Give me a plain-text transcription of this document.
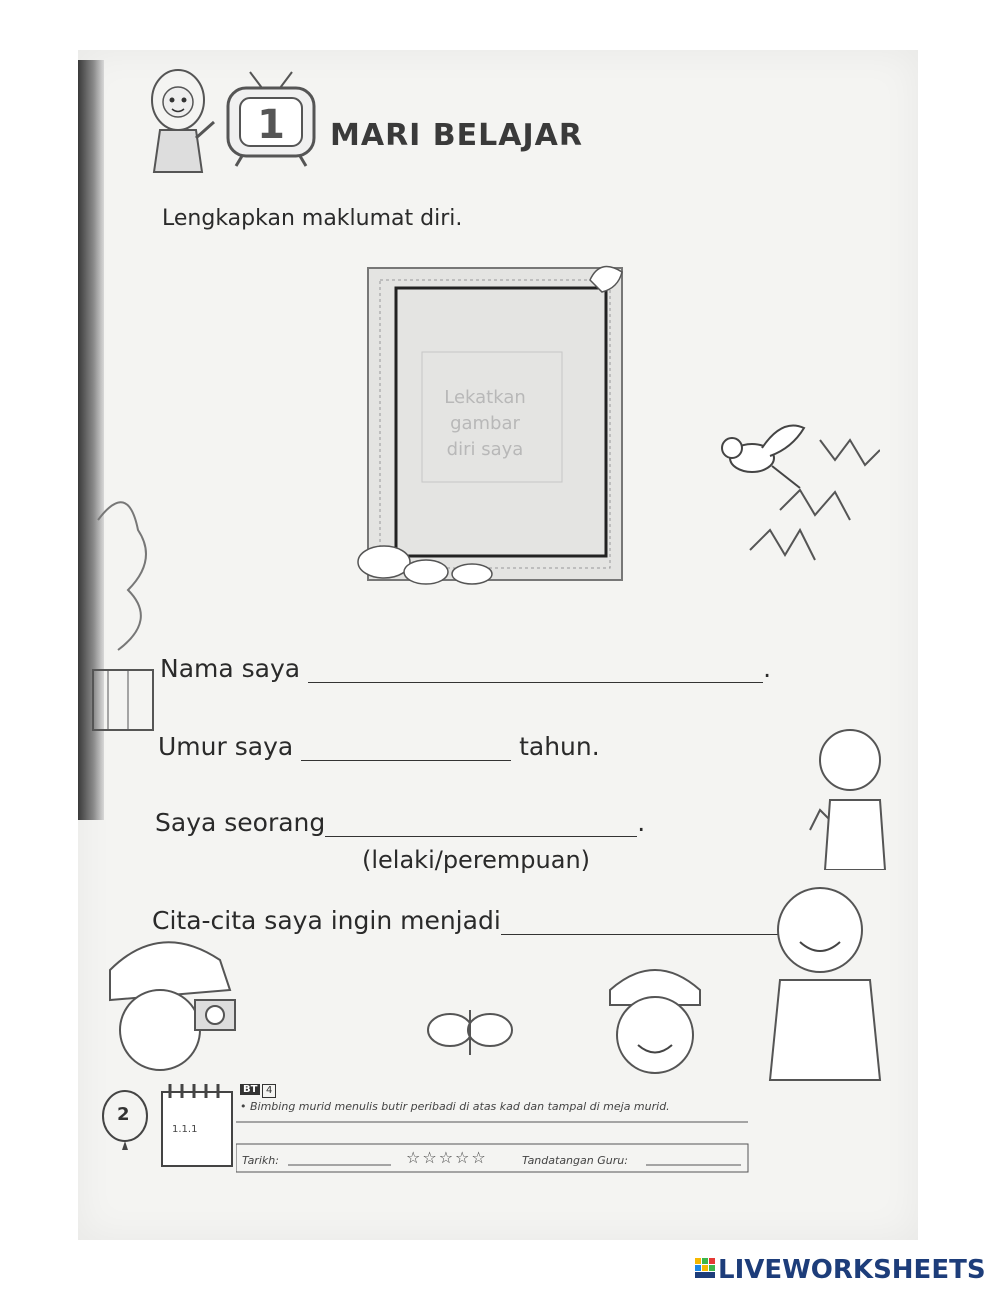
1 MARI BELAJAR
Lengkapkan maklumat diri.
Lekatkan
gambar
diri saya
Nama saya	.
Umur saya	tahun.
Saya seorang	.
(lelaki/perempuan)
Cita-cita saya ingin menjadi
2
1.1.1
BT 4
• Bimbing murid menulis butir peribadi di atas kad dan tampal di meja murid.
Tarikh:	☆☆☆☆☆	Tandatangan Guru:
LIVEWORKSHEETS
